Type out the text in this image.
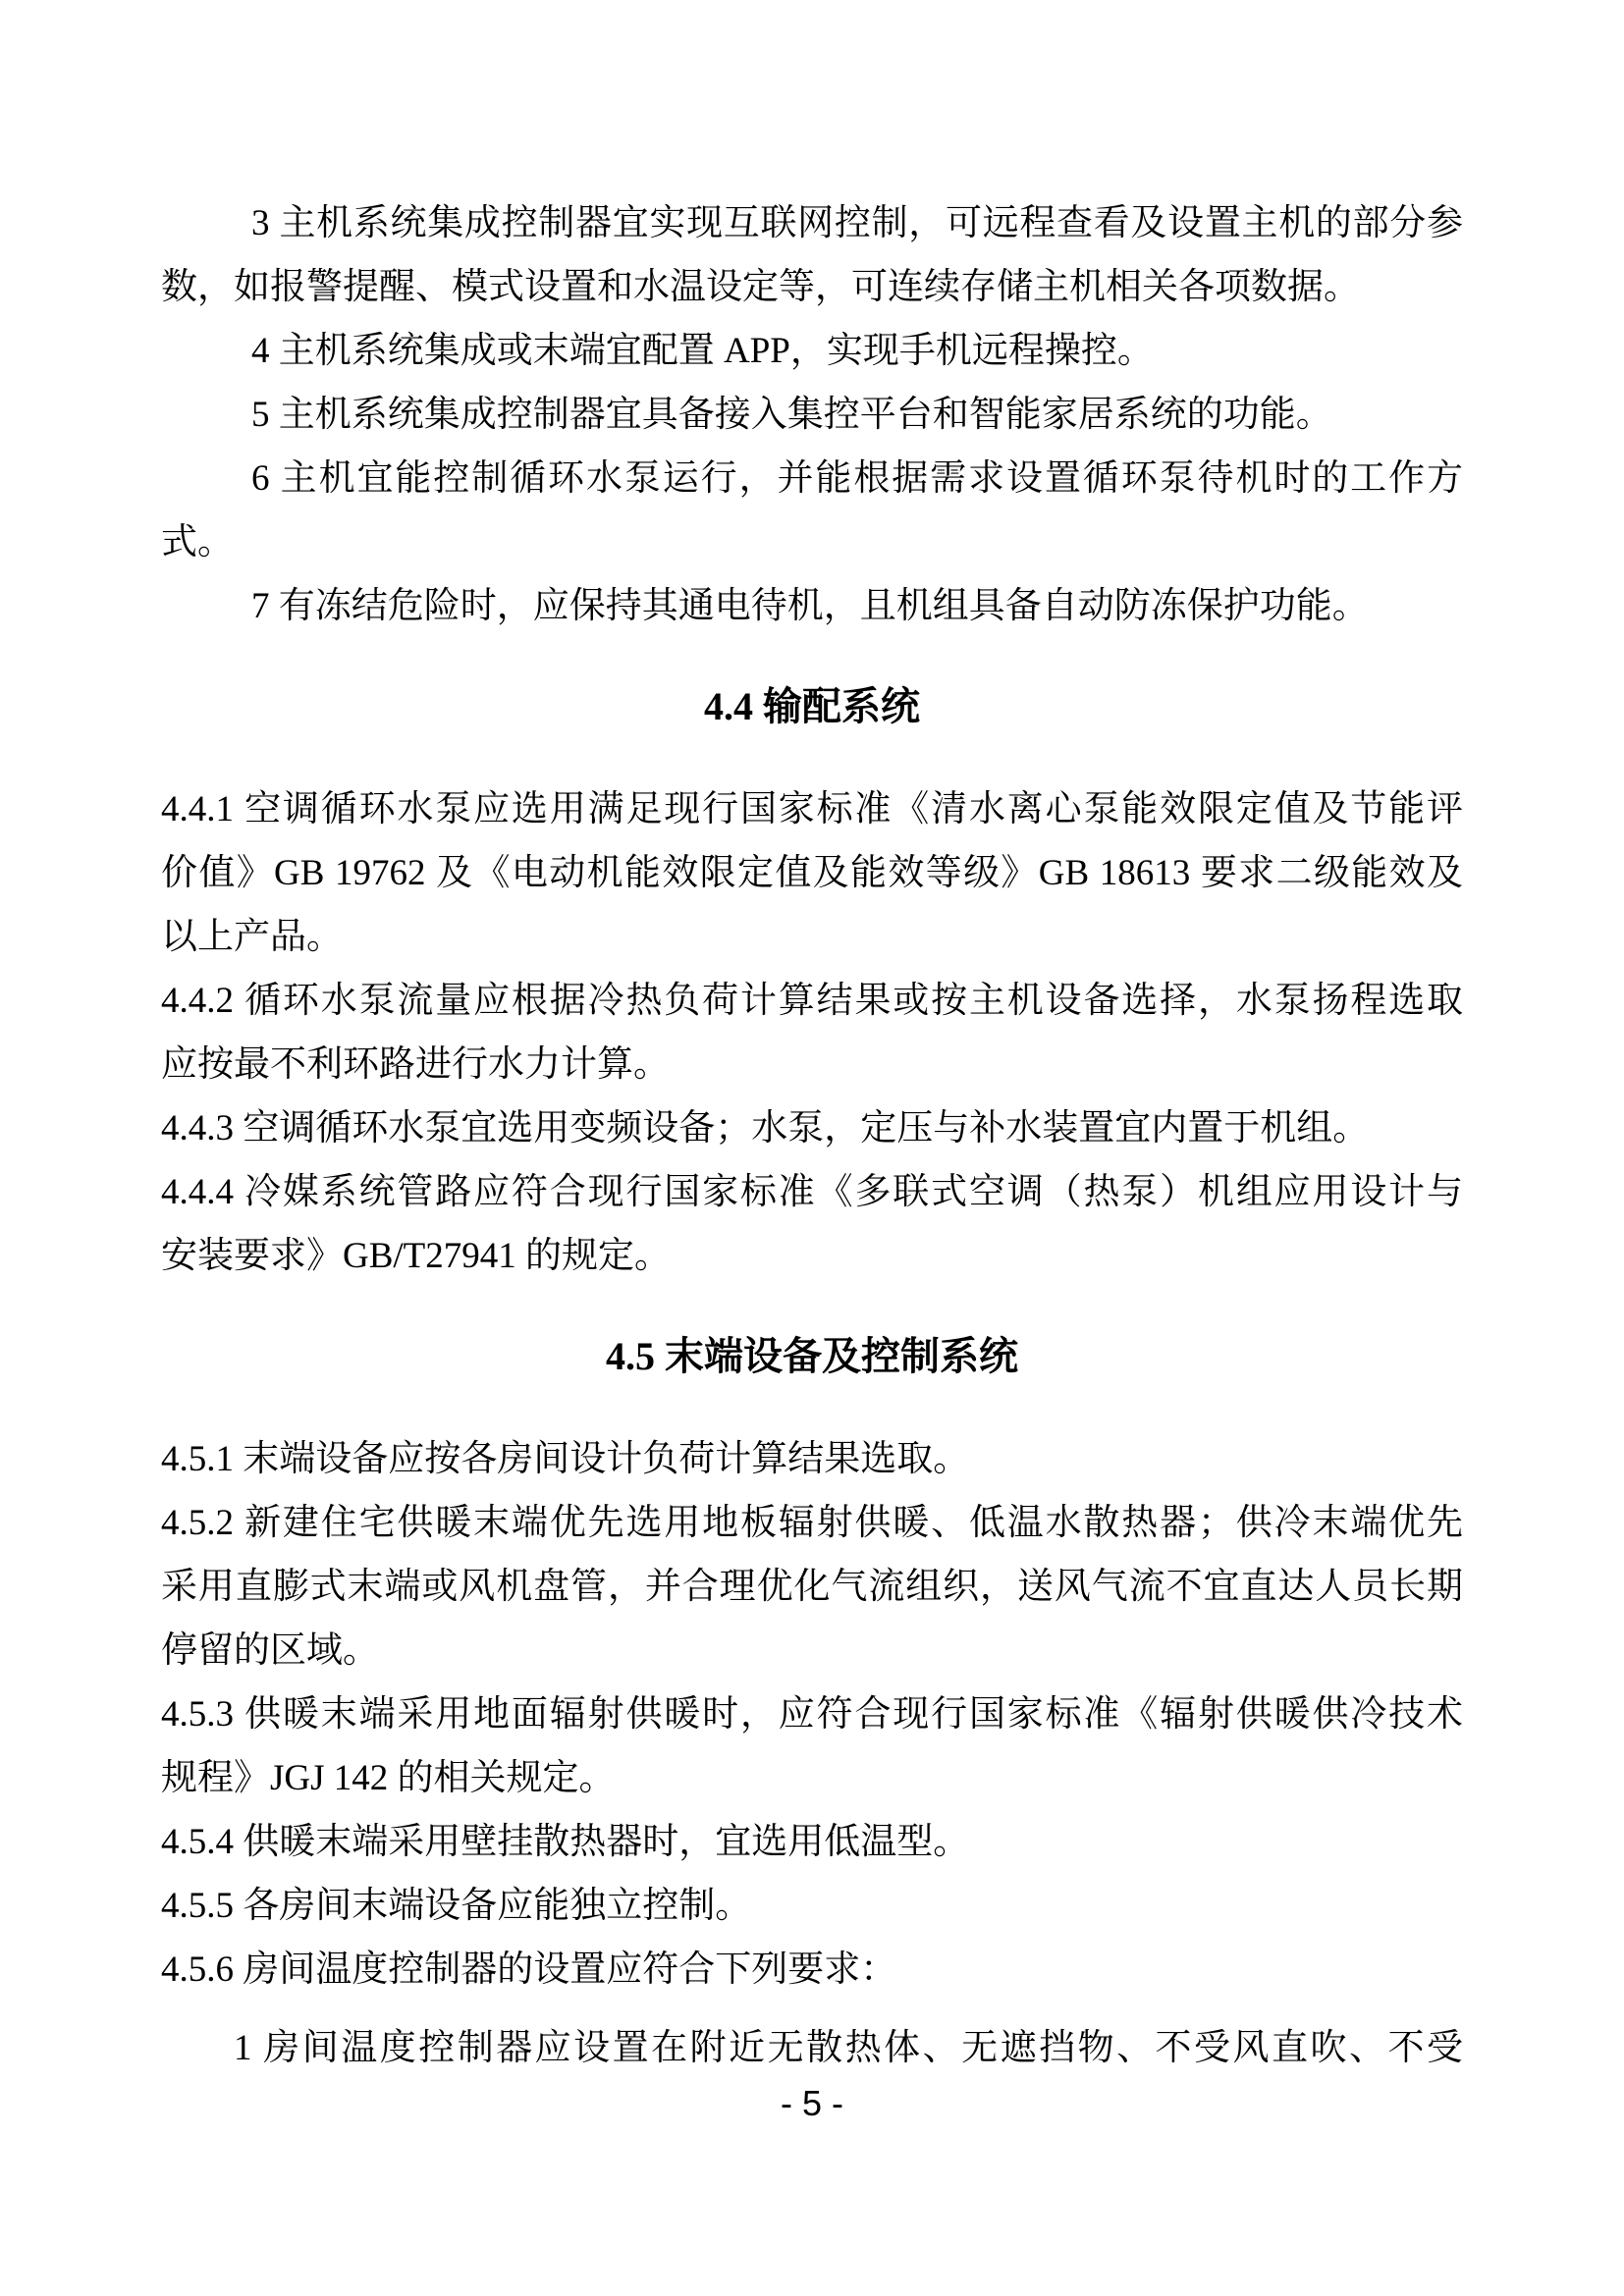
3 主机系统集成控制器宜实现互联网控制，可远程查看及设置主机的部分参

数，如报警提醒、模式设置和水温设定等，可连续存储主机相关各项数据。

4 主机系统集成或末端宜配置 APP，实现手机远程操控。

5 主机系统集成控制器宜具备接入集控平台和智能家居系统的功能。

6 主机宜能控制循环水泵运行，并能根据需求设置循环泵待机时的工作方

式。

7 有冻结危险时，应保持其通电待机，且机组具备自动防冻保护功能。

4.4 输配系统

4.4.1 空调循环水泵应选用满足现行国家标准《清水离心泵能效限定值及节能评

价值》GB 19762 及《电动机能效限定值及能效等级》GB 18613 要求二级能效及

以上产品。

4.4.2 循环水泵流量应根据冷热负荷计算结果或按主机设备选择，水泵扬程选取

应按最不利环路进行水力计算。

4.4.3 空调循环水泵宜选用变频设备；水泵，定压与补水装置宜内置于机组。

4.4.4 冷媒系统管路应符合现行国家标准《多联式空调（热泵）机组应用设计与

安装要求》GB/T27941 的规定。

4.5 末端设备及控制系统

4.5.1 末端设备应按各房间设计负荷计算结果选取。

4.5.2 新建住宅供暖末端优先选用地板辐射供暖、低温水散热器；供冷末端优先

采用直膨式末端或风机盘管，并合理优化气流组织，送风气流不宜直达人员长期

停留的区域。

4.5.3 供暖末端采用地面辐射供暖时，应符合现行国家标准《辐射供暖供冷技术

规程》JGJ 142 的相关规定。

4.5.4 供暖末端采用壁挂散热器时，宜选用低温型。

4.5.5 各房间末端设备应能独立控制。

4.5.6 房间温度控制器的设置应符合下列要求：

1 房间温度控制器应设置在附近无散热体、无遮挡物、不受风直吹、不受

- 5 -
